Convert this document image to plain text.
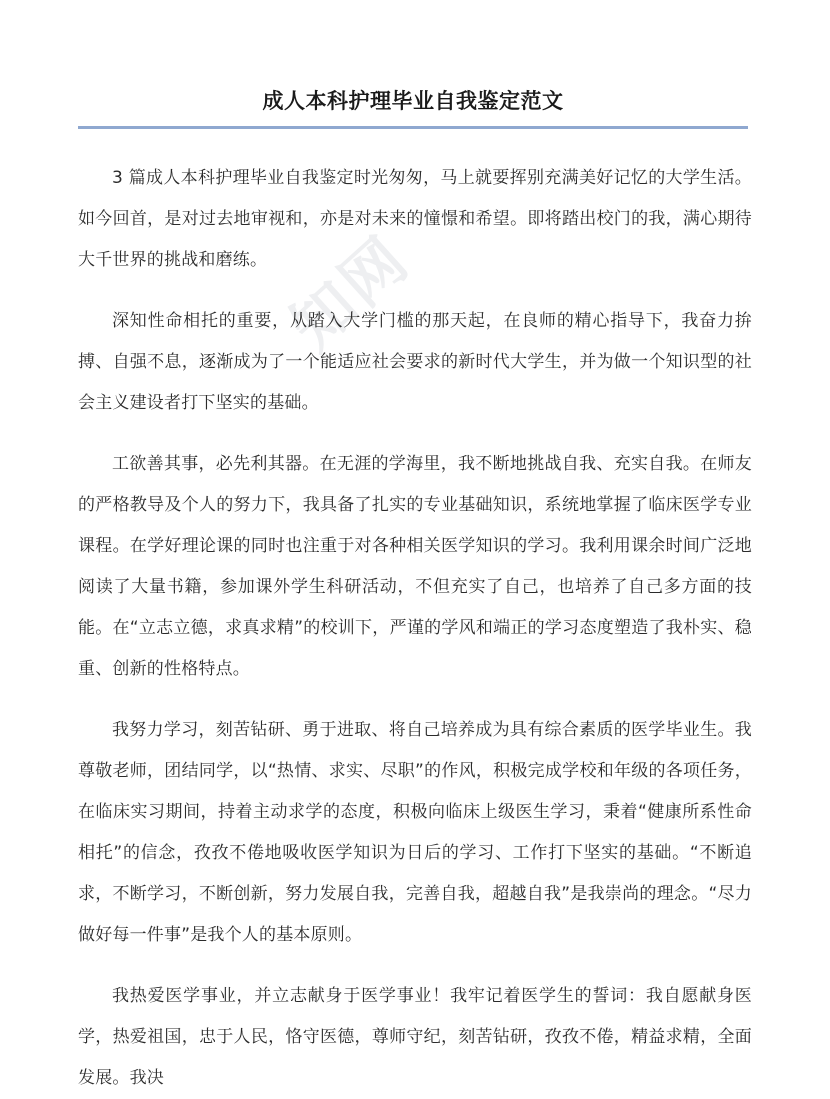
知网
成人本科护理毕业自我鉴定范文

3 篇成人本科护理毕业自我鉴定时光匆匆，马上就要挥别充满美好记忆的大学生活。如今回首，是对过去地审视和，亦是对未来的憧憬和希望。即将踏出校门的我，满心期待大千世界的挑战和磨练。

深知性命相托的重要，从踏入大学门槛的那天起，在良师的精心指导下，我奋力拚搏、自强不息，逐渐成为了一个能适应社会要求的新时代大学生，并为做一个知识型的社会主义建设者打下坚实的基础。

工欲善其事，必先利其器。在无涯的学海里，我不断地挑战自我、充实自我。在师友的严格教导及个人的努力下，我具备了扎实的专业基础知识，系统地掌握了临床医学专业课程。在学好理论课的同时也注重于对各种相关医学知识的学习。我利用课余时间广泛地阅读了大量书籍，参加课外学生科研活动，不但充实了自己，也培养了自己多方面的技能。在“立志立德，求真求精”的校训下，严谨的学风和端正的学习态度塑造了我朴实、稳重、创新的性格特点。

我努力学习，刻苦钻研、勇于进取、将自己培养成为具有综合素质的医学毕业生。我尊敬老师，团结同学，以“热情、求实、尽职”的作风，积极完成学校和年级的各项任务，在临床实习期间，持着主动求学的态度，积极向临床上级医生学习，秉着“健康所系性命相托”的信念，孜孜不倦地吸收医学知识为日后的学习、工作打下坚实的基础。“不断追求，不断学习，不断创新，努力发展自我，完善自我，超越自我”是我崇尚的理念。“尽力做好每一件事”是我个人的基本原则。

我热爱医学事业，并立志献身于医学事业！我牢记着医学生的誓词：我自愿献身医学，热爱祖国，忠于人民，恪守医德，尊师守纪，刻苦钻研，孜孜不倦，精益求精，全面发展。我决
